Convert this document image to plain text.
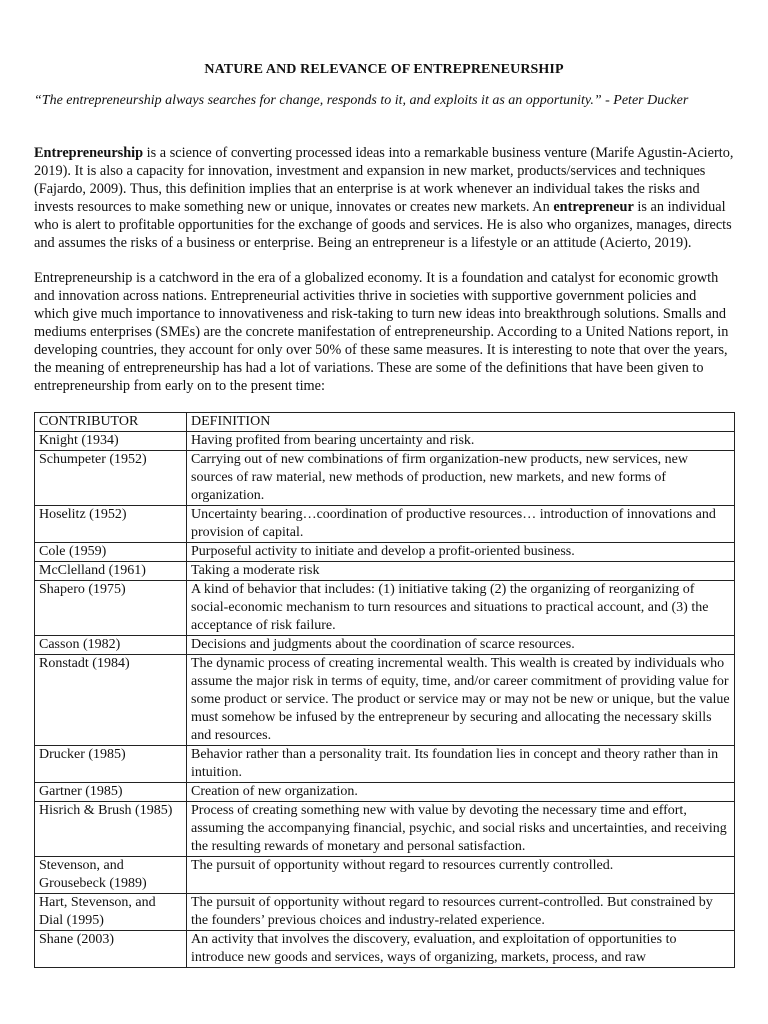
NATURE AND RELEVANCE OF ENTREPRENEURSHIP
“The entrepreneurship always searches for change, responds to it, and exploits it as an opportunity.” - Peter Ducker

Entrepreneurship is a science of converting processed ideas into a remarkable business venture (Marife Agustin-Acierto, 2019). It is also a capacity for innovation, investment and expansion in new market, products/services and techniques (Fajardo, 2009). Thus, this definition implies that an enterprise is at work whenever an individual takes the risks and invests resources to make something new or unique, innovates or creates new markets. An entrepreneur is an individual who is alert to profitable opportunities for the exchange of goods and services. He is also who organizes, manages, directs and assumes the risks of a business or enterprise. Being an entrepreneur is a lifestyle or an attitude (Acierto, 2019).

Entrepreneurship is a catchword in the era of a globalized economy. It is a foundation and catalyst for economic growth and innovation across nations. Entrepreneurial activities thrive in societies with supportive government policies and which give much importance to innovativeness and risk-taking to turn new ideas into breakthrough solutions. Smalls and mediums enterprises (SMEs) are the concrete manifestation of entrepreneurship. According to a United Nations report, in developing countries, they account for only over 50% of these same measures. It is interesting to note that over the years, the meaning of entrepreneurship has had a lot of variations. These are some of the definitions that have been given to entrepreneurship from early on to the present time:

CONTRIBUTOR	DEFINITION
Knight (1934)	Having profited from bearing uncertainty and risk.
Schumpeter (1952)	Carrying out of new combinations of firm organization-new products, new services, new sources of raw material, new methods of production, new markets, and new forms of organization.
Hoselitz (1952)	Uncertainty bearing…coordination of productive resources… introduction of innovations and provision of capital.
Cole (1959)	Purposeful activity to initiate and develop a profit-oriented business.
McClelland (1961)	Taking a moderate risk
Shapero (1975)	A kind of behavior that includes: (1) initiative taking (2) the organizing of reorganizing of social-economic mechanism to turn resources and situations to practical account, and (3) the acceptance of risk failure.
Casson (1982)	Decisions and judgments about the coordination of scarce resources.
Ronstadt (1984)	The dynamic process of creating incremental wealth. This wealth is created by individuals who assume the major risk in terms of equity, time, and/or career commitment of providing value for some product or service. The product or service may or may not be new or unique, but the value must somehow be infused by the entrepreneur by securing and allocating the necessary skills and resources.
Drucker (1985)	Behavior rather than a personality trait. Its foundation lies in concept and theory rather than in intuition.
Gartner (1985)	Creation of new organization.
Hisrich & Brush (1985)	Process of creating something new with value by devoting the necessary time and effort, assuming the accompanying financial, psychic, and social risks and uncertainties, and receiving the resulting rewards of monetary and personal satisfaction.
Stevenson, and Grousebeck (1989)	The pursuit of opportunity without regard to resources currently controlled.
Hart, Stevenson, and Dial (1995)	The pursuit of opportunity without regard to resources current-controlled. But constrained by the founders’ previous choices and industry-related experience.
Shane (2003)	An activity that involves the discovery, evaluation, and exploitation of opportunities to introduce new goods and services, ways of organizing, markets, process, and raw
